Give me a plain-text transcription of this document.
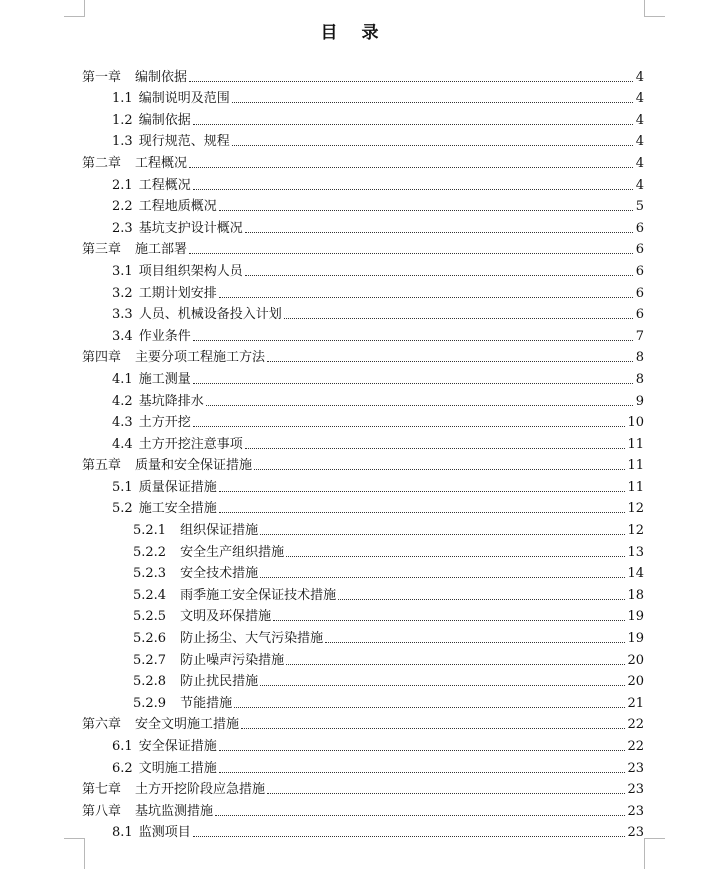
目 录
第一章 编制依据	4
1.1 编制说明及范围	4
1.2 编制依据	4
1.3 现行规范、规程	4
第二章 工程概况	4
2.1 工程概况	4
2.2 工程地质概况	5
2.3 基坑支护设计概况	6
第三章 施工部署	6
3.1 项目组织架构人员	6
3.2 工期计划安排	6
3.3 人员、机械设备投入计划	6
3.4 作业条件	7
第四章 主要分项工程施工方法	8
4.1 施工测量	8
4.2 基坑降排水	9
4.3 土方开挖	10
4.4 土方开挖注意事项	11
第五章 质量和安全保证措施	11
5.1 质量保证措施	11
5.2 施工安全措施	12
5.2.1 组织保证措施	12
5.2.2 安全生产组织措施	13
5.2.3 安全技术措施	14
5.2.4 雨季施工安全保证技术措施	18
5.2.5 文明及环保措施	19
5.2.6 防止扬尘、大气污染措施	19
5.2.7 防止噪声污染措施	20
5.2.8 防止扰民措施	20
5.2.9 节能措施	21
第六章 安全文明施工措施	22
6.1 安全保证措施	22
6.2 文明施工措施	23
第七章 土方开挖阶段应急措施	23
第八章 基坑监测措施	23
8.1 监测项目	23
